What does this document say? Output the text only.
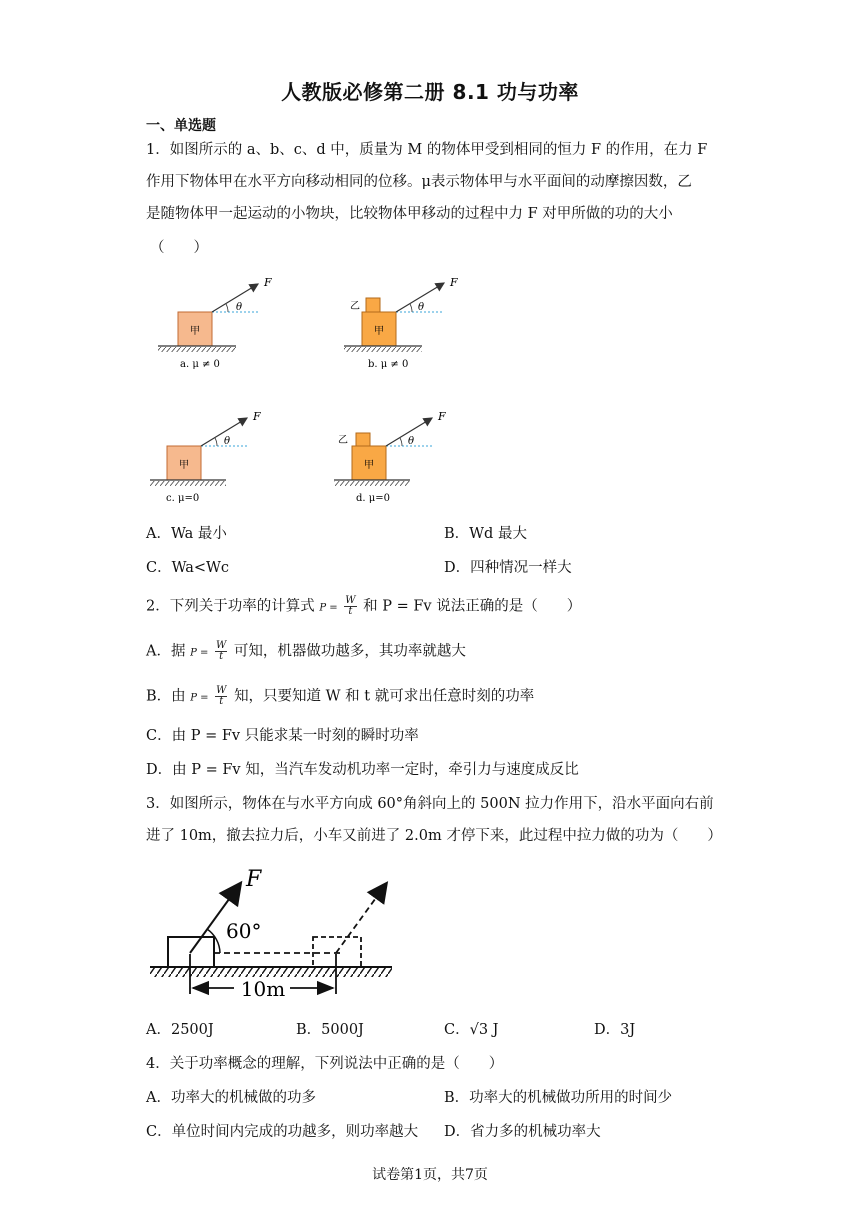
人教版必修第二册 8.1 功与功率
一、单选题
1．如图所示的 a、b、c、d 中，质量为 M 的物体甲受到相同的恒力 F 的作用，在力 F
作用下物体甲在水平方向移动相同的位移。μ表示物体甲与水平面间的动摩擦因数，乙
是随物体甲一起运动的小物块，比较物体甲移动的过程中力 F 对甲所做的功的大小
（　　）
甲
F
θ
a. μ ≠ 0
乙
甲
F
θ
b. μ ≠ 0
甲
F
θ
c. μ=0
乙
甲
F
θ
d. μ=0
A．Wa 最小	B．Wd 最大
C．Wa<Wc	D．四种情况一样大
2．下列关于功率的计算式 $P = \frac{W}{t}$ 和 P = Fv 说法正确的是（　　）
A．据 $P = \frac{W}{t}$ 可知，机器做功越多，其功率就越大
B．由 $P = \frac{W}{t}$ 知，只要知道 W 和 t 就可求出任意时刻的功率
C．由 P = Fv 只能求某一时刻的瞬时功率
D．由 P = Fv 知，当汽车发动机功率一定时，牵引力与速度成反比
3．如图所示，物体在与水平方向成 60°角斜向上的 500N 拉力作用下，沿水平面向右前
进了 10m，撤去拉力后，小车又前进了 2.0m 才停下来，此过程中拉力做的功为（　　）
F
60°
10m
A．2500J	B．5000J	C．√3 J	D．3J
4．关于功率概念的理解，下列说法中正确的是（　　）
A．功率大的机械做的功多	B．功率大的机械做功所用的时间少
C．单位时间内完成的功越多，则功率越大 D．省力多的机械功率大
试卷第1页，共7页
